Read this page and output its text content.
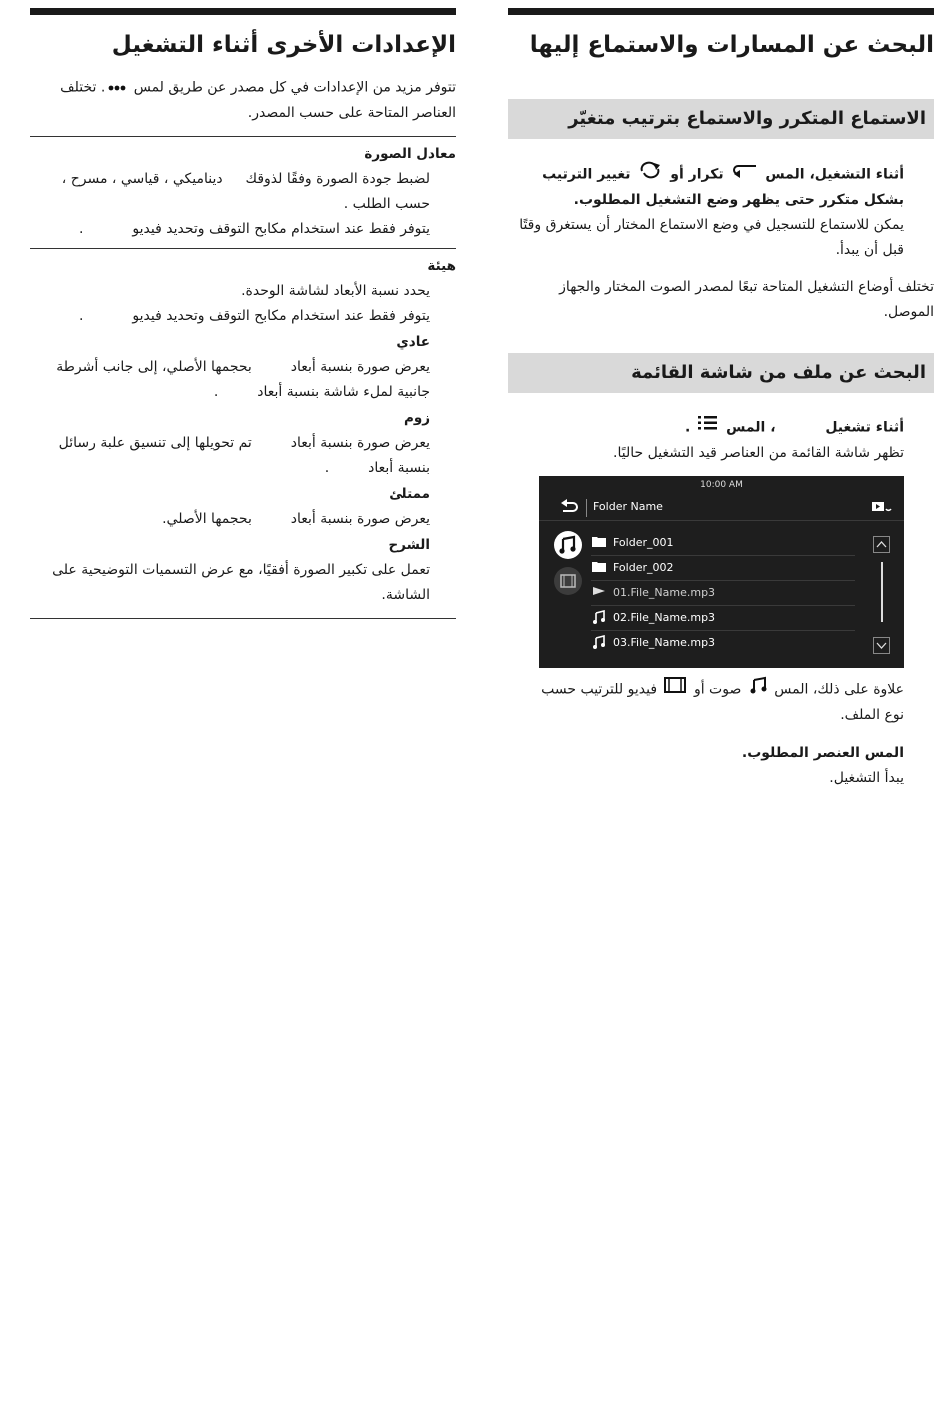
البحث عن المسارات والاستماع إليها
الاستماع المتكرر والاستماع بترتيب متغيّر

أثناء التشغيل، المس  تكرار أو  تغيير الترتيب

بشكل متكرر حتى يظهر وضع التشغيل المطلوب.

يمكن للاستماع للتسجيل في وضع الاستماع المختار أن يستغرق وقتًا قبل أن يبدأ.

تختلف أوضاع التشغيل المتاحة تبعًا لمصدر الصوت المختار والجهاز الموصل.

البحث عن ملف من شاشة القائمة

أثناء تشغيل  ، المس  .

تظهر شاشة القائمة من العناصر قيد التشغيل حاليًا.

10:00 AM
Folder Name
Folder_001
Folder_002
01.File_Name.mp3
02.File_Name.mp3
03.File_Name.mp3

علاوة على ذلك، المس  صوت أو  فيديو للترتيب حسب

نوع الملف.

المس العنصر المطلوب.

يبدأ التشغيل.

الإعدادات الأخرى أثناء التشغيل

تتوفر مزيد من الإعدادات في كل مصدر عن طريق لمس . تختلف

العناصر المتاحة على حسب المصدر.

معادل الصورة

لضبط جودة الصورة وفقًا لذوقك  ديناميكي ، قياسي ، مسرح ،

حسب الطلب .

يتوفر فقط عند استخدام مكابح التوقف وتحديد فيديو  .

هيئة

يحدد نسبة الأبعاد لشاشة الوحدة.

يتوفر فقط عند استخدام مكابح التوقف وتحديد فيديو  .

عادي

يعرض صورة بنسبة أبعاد  بحجمها الأصلي، إلى جانب أشرطة

جانبية لملء شاشة بنسبة أبعاد  .

زوم

يعرض صورة بنسبة أبعاد  تم تحويلها إلى تنسيق علبة رسائل

بنسبة أبعاد  .

ممتلئ

يعرض صورة بنسبة أبعاد  بحجمها الأصلي.

الشرح

تعمل على تكبير الصورة أفقيًا، مع عرض التسميات التوضيحية على الشاشة.
